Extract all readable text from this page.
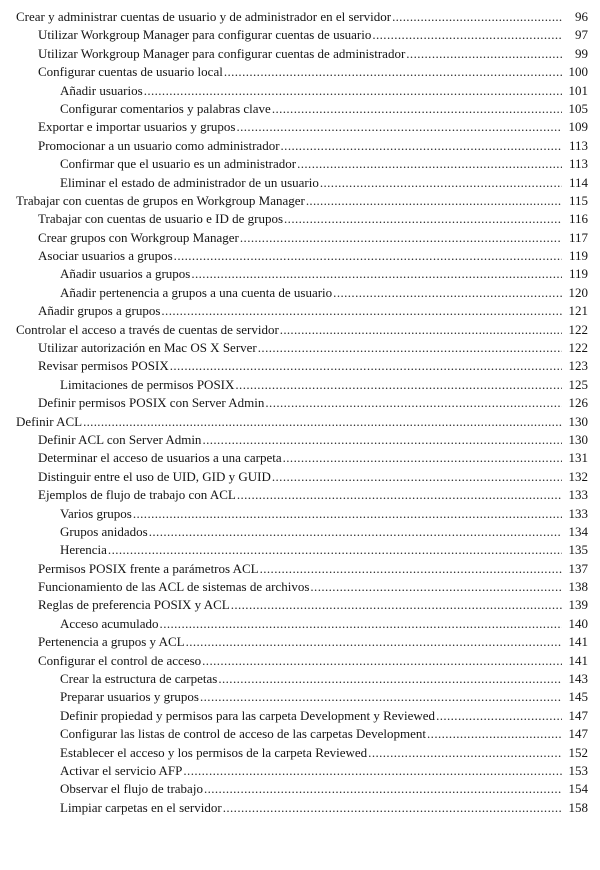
Crear y administrar cuentas de usuario y de administrador en el servidor .....	96
Utilizar Workgroup Manager para configurar cuentas de usuario .....	97
Utilizar Workgroup Manager para configurar cuentas de administrador .....	99
Configurar cuentas de usuario local .....	100
Añadir usuarios .....	101
Configurar comentarios y palabras clave .....	105
Exportar e importar usuarios y grupos .....	109
Promocionar a un usuario como administrador .....	113
Confirmar que el usuario es un administrador .....	113
Eliminar el estado de administrador de un usuario .....	114
Trabajar con cuentas de grupos en Workgroup Manager .....	115
Trabajar con cuentas de usuario e ID de grupos .....	116
Crear grupos con Workgroup Manager .....	117
Asociar usuarios a grupos .....	119
Añadir usuarios a grupos .....	119
Añadir pertenencia a grupos a una cuenta de usuario .....	120
Añadir grupos a grupos .....	121
Controlar el acceso a través de cuentas de servidor .....	122
Utilizar autorización en Mac OS X Server .....	122
Revisar permisos POSIX .....	123
Limitaciones de permisos POSIX .....	125
Definir permisos POSIX con Server Admin .....	126
Definir ACL .....	130
Definir ACL con Server Admin .....	130
Determinar el acceso de usuarios a una carpeta .....	131
Distinguir entre el uso de UID, GID y GUID .....	132
Ejemplos de flujo de trabajo con ACL .....	133
Varios grupos .....	133
Grupos anidados .....	134
Herencia .....	135
Permisos POSIX frente a parámetros ACL .....	137
Funcionamiento de las ACL de sistemas de archivos .....	138
Reglas de preferencia POSIX y ACL .....	139
Acceso acumulado .....	140
Pertenencia a grupos y ACL .....	141
Configurar el control de acceso .....	141
Crear la estructura de carpetas .....	143
Preparar usuarios y grupos .....	145
Definir propiedad y permisos para las carpeta Development y Reviewed .....	147
Configurar las listas de control de acceso de las carpetas Development .....	147
Establecer el acceso y los permisos de la carpeta Reviewed .....	152
Activar el servicio AFP .....	153
Observar el flujo de trabajo .....	154
Limpiar carpetas en el servidor .....	158
